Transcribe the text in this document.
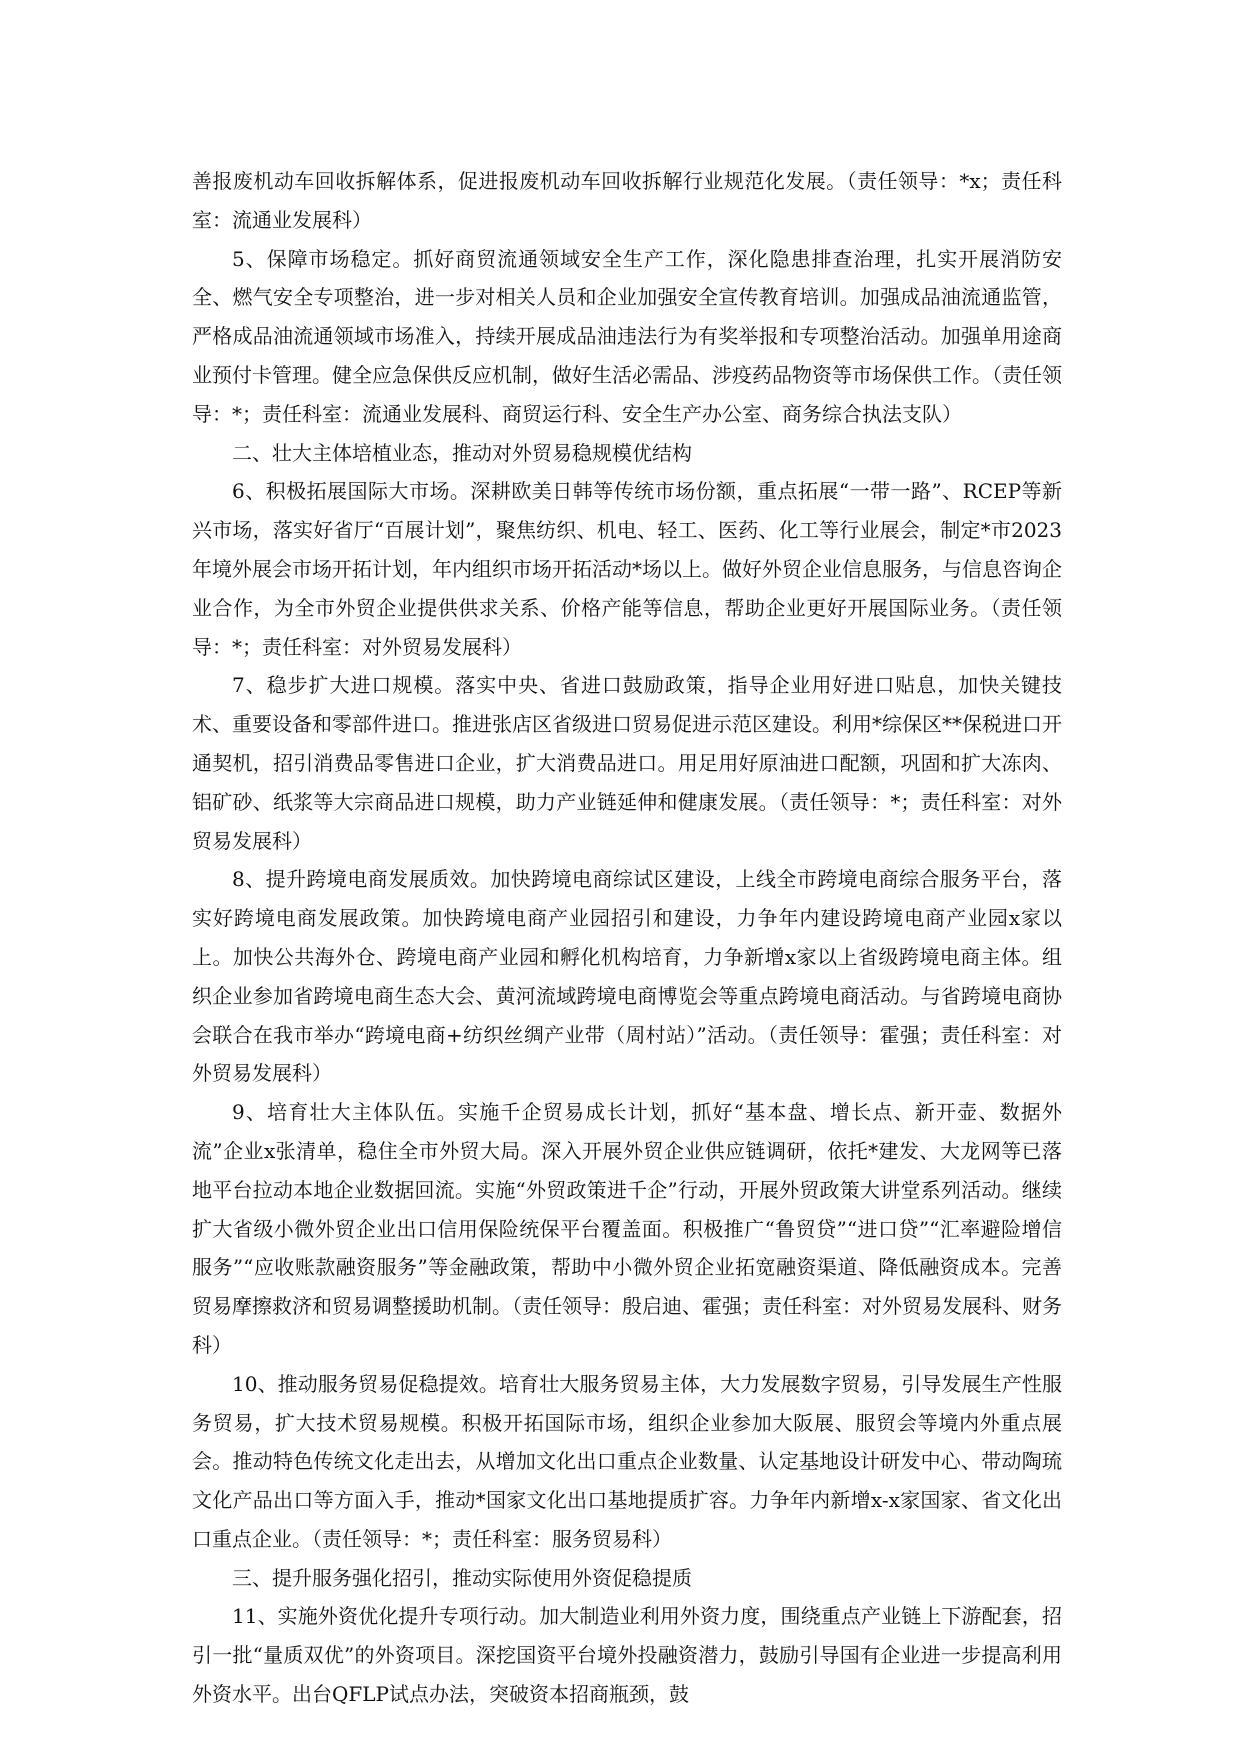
善报废机动车回收拆解体系，促进报废机动车回收拆解行业规范化发展。（责任领导：*x；责任科室：流通业发展科）

5、保障市场稳定。抓好商贸流通领域安全生产工作，深化隐患排查治理，扎实开展消防安全、燃气安全专项整治，进一步对相关人员和企业加强安全宣传教育培训。加强成品油流通监管，严格成品油流通领域市场准入，持续开展成品油违法行为有奖举报和专项整治活动。加强单用途商业预付卡管理。健全应急保供反应机制，做好生活必需品、涉疫药品物资等市场保供工作。（责任领导：*；责任科室：流通业发展科、商贸运行科、安全生产办公室、商务综合执法支队）

二、壮大主体培植业态，推动对外贸易稳规模优结构

6、积极拓展国际大市场。深耕欧美日韩等传统市场份额，重点拓展“一带一路”、RCEP等新兴市场，落实好省厅“百展计划”，聚焦纺织、机电、轻工、医药、化工等行业展会，制定*市2023年境外展会市场开拓计划，年内组织市场开拓活动*场以上。做好外贸企业信息服务，与信息咨询企业合作，为全市外贸企业提供供求关系、价格产能等信息，帮助企业更好开展国际业务。（责任领导：*；责任科室：对外贸易发展科）

7、稳步扩大进口规模。落实中央、省进口鼓励政策，指导企业用好进口贴息，加快关键技术、重要设备和零部件进口。推进张店区省级进口贸易促进示范区建设。利用*综保区**保税进口开通契机，招引消费品零售进口企业，扩大消费品进口。用足用好原油进口配额，巩固和扩大冻肉、铝矿砂、纸浆等大宗商品进口规模，助力产业链延伸和健康发展。（责任领导：*；责任科室：对外贸易发展科）

8、提升跨境电商发展质效。加快跨境电商综试区建设，上线全市跨境电商综合服务平台，落实好跨境电商发展政策。加快跨境电商产业园招引和建设，力争年内建设跨境电商产业园x家以上。加快公共海外仓、跨境电商产业园和孵化机构培育，力争新增x家以上省级跨境电商主体。组织企业参加省跨境电商生态大会、黄河流域跨境电商博览会等重点跨境电商活动。与省跨境电商协会联合在我市举办“跨境电商+纺织丝绸产业带（周村站）”活动。（责任领导：霍强；责任科室：对外贸易发展科）

9、培育壮大主体队伍。实施千企贸易成长计划，抓好“基本盘、增长点、新开壶、数据外流”企业x张清单，稳住全市外贸大局。深入开展外贸企业供应链调研，依托*建发、大龙网等已落地平台拉动本地企业数据回流。实施“外贸政策进千企”行动，开展外贸政策大讲堂系列活动。继续扩大省级小微外贸企业出口信用保险统保平台覆盖面。积极推广“鲁贸贷”“进口贷”“汇率避险增信服务”“应收账款融资服务”等金融政策，帮助中小微外贸企业拓宽融资渠道、降低融资成本。完善贸易摩擦救济和贸易调整援助机制。（责任领导：殷启迪、霍强；责任科室：对外贸易发展科、财务科）

10、推动服务贸易促稳提效。培育壮大服务贸易主体，大力发展数字贸易，引导发展生产性服务贸易，扩大技术贸易规模。积极开拓国际市场，组织企业参加大阪展、服贸会等境内外重点展会。推动特色传统文化走出去，从增加文化出口重点企业数量、认定基地设计研发中心、带动陶琉文化产品出口等方面入手，推动*国家文化出口基地提质扩容。力争年内新增x-x家国家、省文化出口重点企业。（责任领导：*；责任科室：服务贸易科）

三、提升服务强化招引，推动实际使用外资促稳提质

11、实施外资优化提升专项行动。加大制造业利用外资力度，围绕重点产业链上下游配套，招引一批“量质双优”的外资项目。深挖国资平台境外投融资潜力，鼓励引导国有企业进一步提高利用外资水平。出台QFLP试点办法，突破资本招商瓶颈，鼓
